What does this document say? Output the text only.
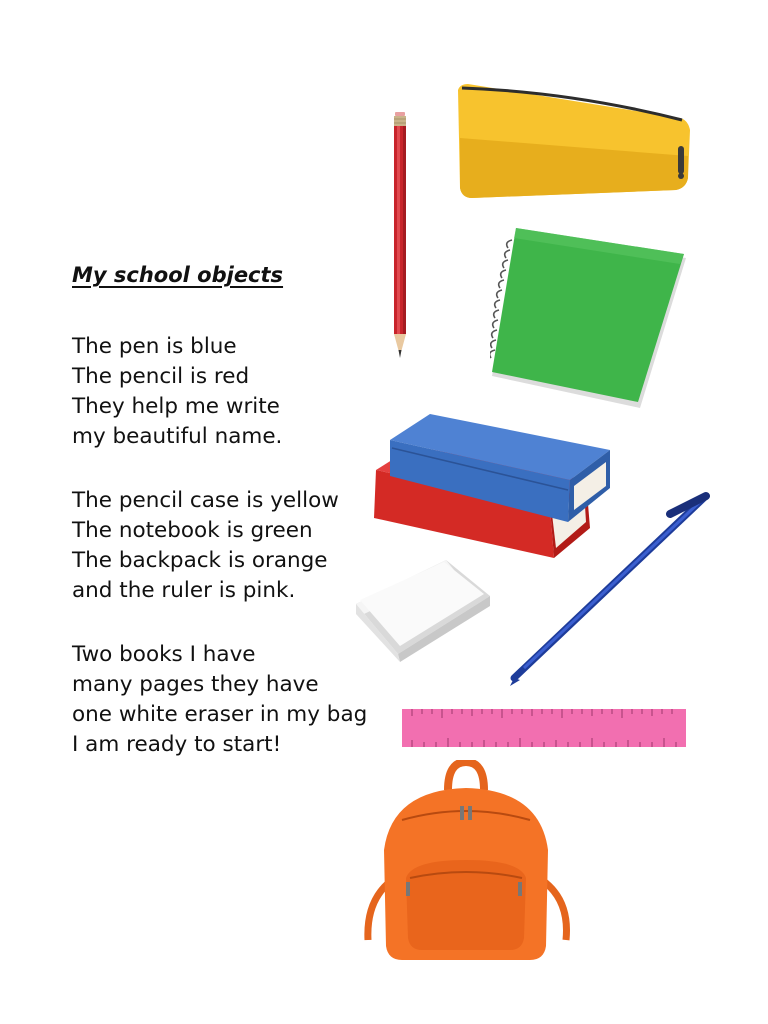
My school objects

The pen is blue
The pencil is red
They help me write
my beautiful name.

The pencil case is yellow
The notebook is green
The backpack is orange
and the ruler is pink.

Two books I have
many pages they have
one white eraser in my bag
I am ready to start!
